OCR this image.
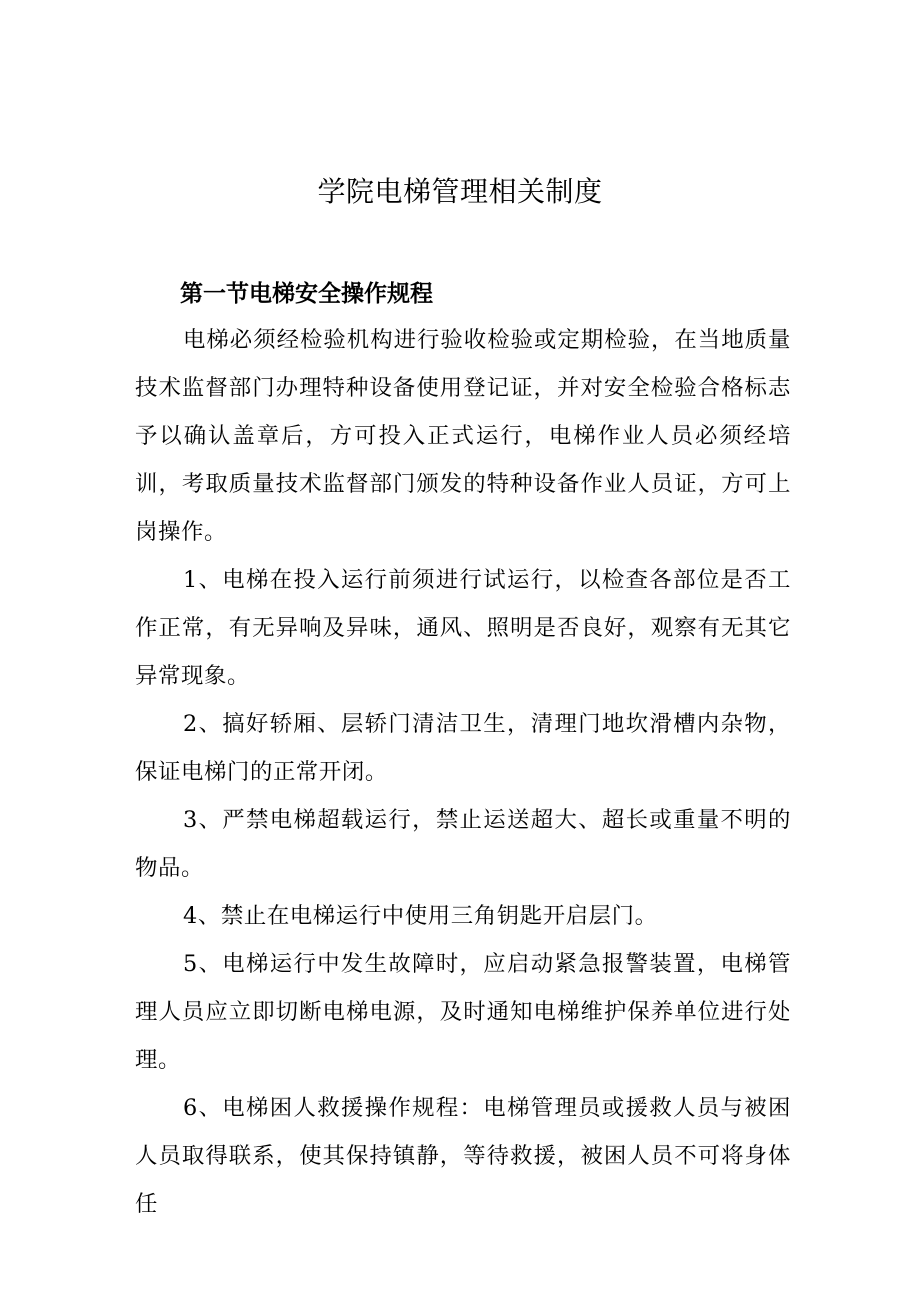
学院电梯管理相关制度
第一节电梯安全操作规程

电梯必须经检验机构进行验收检验或定期检验，在当地质量技术监督部门办理特种设备使用登记证，并对安全检验合格标志予以确认盖章后，方可投入正式运行，电梯作业人员必须经培训，考取质量技术监督部门颁发的特种设备作业人员证，方可上岗操作。

1、电梯在投入运行前须进行试运行，以检查各部位是否工作正常，有无异响及异味，通风、照明是否良好，观察有无其它异常现象。

2、搞好轿厢、层轿门清洁卫生，清理门地坎滑槽内杂物，保证电梯门的正常开闭。

3、严禁电梯超载运行，禁止运送超大、超长或重量不明的物品。

4、禁止在电梯运行中使用三角钥匙开启层门。

5、电梯运行中发生故障时，应启动紧急报警装置，电梯管理人员应立即切断电梯电源，及时通知电梯维护保养单位进行处理。

6、电梯困人救援操作规程：电梯管理员或援救人员与被困人员取得联系，使其保持镇静，等待救援，被困人员不可将身体任
